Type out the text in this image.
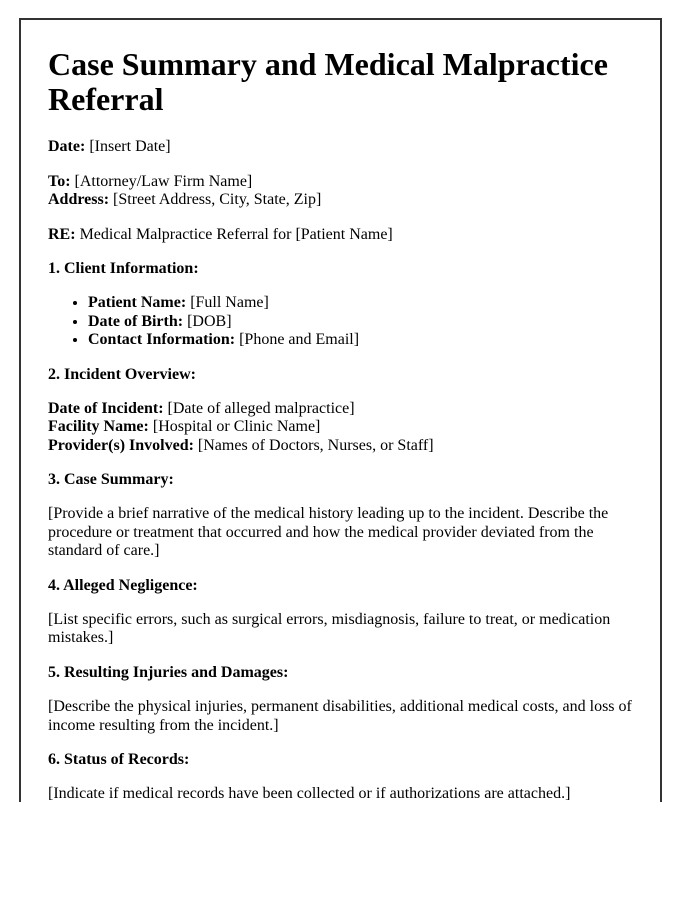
Case Summary and Medical Malpractice Referral

Date: [Insert Date]

To: [Attorney/Law Firm Name]
Address: [Street Address, City, State, Zip]

RE: Medical Malpractice Referral for [Patient Name]

1. Client Information:

• Patient Name: [Full Name]
• Date of Birth: [DOB]
• Contact Information: [Phone and Email]

2. Incident Overview:

Date of Incident: [Date of alleged malpractice]
Facility Name: [Hospital or Clinic Name]
Provider(s) Involved: [Names of Doctors, Nurses, or Staff]

3. Case Summary:

[Provide a brief narrative of the medical history leading up to the incident. Describe the procedure or treatment that occurred and how the medical provider deviated from the standard of care.]

4. Alleged Negligence:

[List specific errors, such as surgical errors, misdiagnosis, failure to treat, or medication mistakes.]

5. Resulting Injuries and Damages:

[Describe the physical injuries, permanent disabilities, additional medical costs, and loss of income resulting from the incident.]

6. Status of Records:

[Indicate if medical records have been collected or if authorizations are attached.]
